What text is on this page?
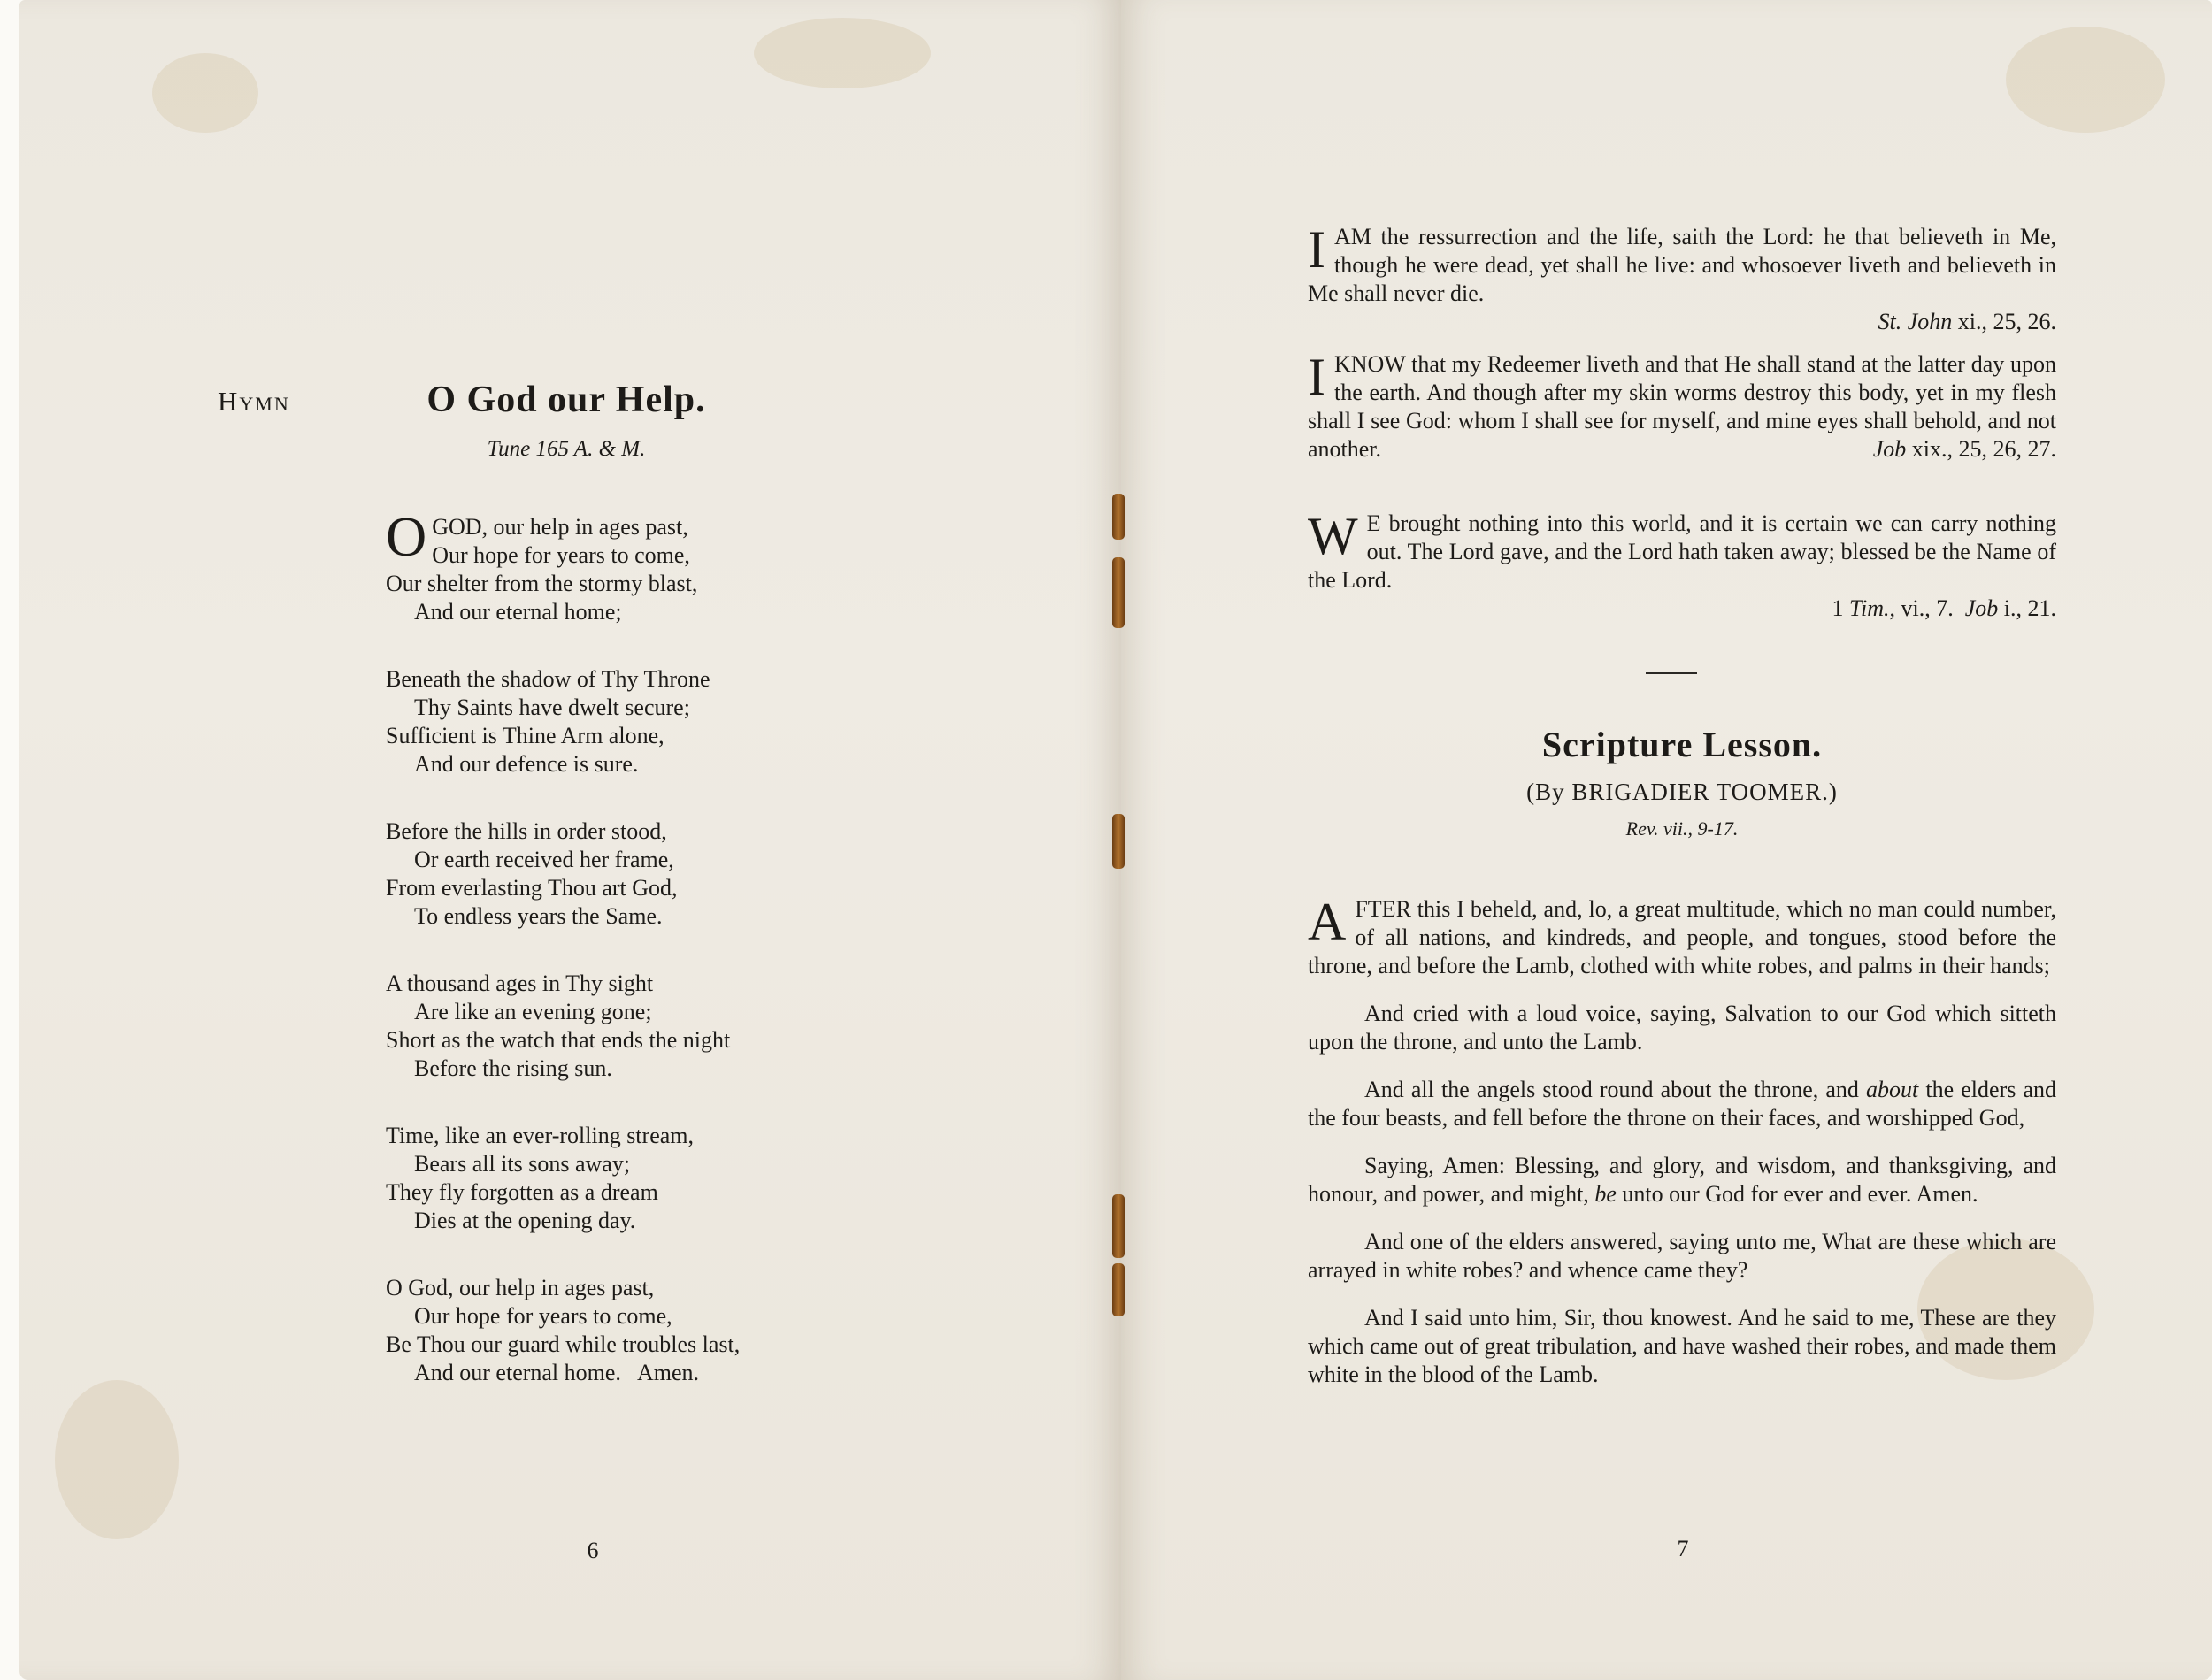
Hymn	O God our Help.
Tune 165 A. & M.
O GOD, our help in ages past,
Our hope for years to come,
Our shelter from the stormy blast,
And our eternal home;
Beneath the shadow of Thy Throne
Thy Saints have dwelt secure;
Sufficient is Thine Arm alone,
And our defence is sure.
Before the hills in order stood,
Or earth received her frame,
From everlasting Thou art God,
To endless years the Same.
A thousand ages in Thy sight
Are like an evening gone;
Short as the watch that ends the night
Before the rising sun.
Time, like an ever-rolling stream,
Bears all its sons away;
They fly forgotten as a dream
Dies at the opening day.
O God, our help in ages past,
Our hope for years to come,
Be Thou our guard while troubles last,
And our eternal home.   Amen.
6
I AM the ressurrection and the life, saith the Lord: he that believeth in Me, though he were dead, yet shall he live: and whosoever liveth and believeth in Me shall never die.
St. John xi., 25, 26.
I KNOW that my Redeemer liveth and that He shall stand at the latter day upon the earth. And though after my skin worms destroy this body, yet in my flesh shall I see God: whom I shall see for myself, and mine eyes shall behold, and not another.	Job xix., 25, 26, 27.
W E brought nothing into this world, and it is certain we can carry nothing out. The Lord gave, and the Lord hath taken away; blessed be the Name of the Lord.
1 Tim., vi., 7.  Job i., 21.
Scripture Lesson.
(By BRIGADIER TOOMER.)
Rev. vii., 9-17.

A FTER this I beheld, and, lo, a great multitude, which no man could number, of all nations, and kindreds, and people, and tongues, stood before the throne, and before the Lamb, clothed with white robes, and palms in their hands;

And cried with a loud voice, saying, Salvation to our God which sitteth upon the throne, and unto the Lamb.

And all the angels stood round about the throne, and about the elders and the four beasts, and fell before the throne on their faces, and worshipped God,

Saying, Amen: Blessing, and glory, and wisdom, and thanksgiving, and honour, and power, and might, be unto our God for ever and ever. Amen.

And one of the elders answered, saying unto me, What are these which are arrayed in white robes? and whence came they?

And I said unto him, Sir, thou knowest. And he said to me, These are they which came out of great tribulation, and have washed their robes, and made them white in the blood of the Lamb.

7
